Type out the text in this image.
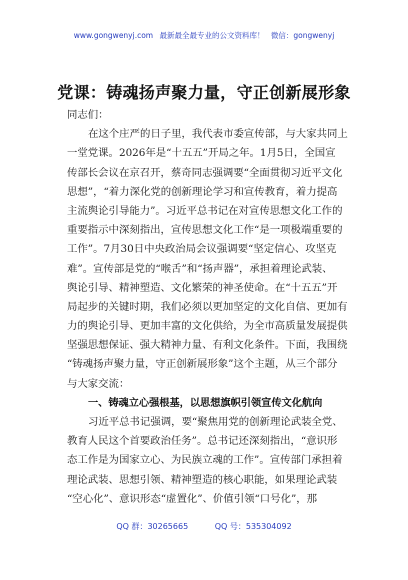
www.gongwenyj.com 最新最全最专业的公文资料库！ 微信：gongwenyj
党课：铸魂扬声聚力量，守正创新展形象
同志们：
在这个庄严的日子里，我代表市委宣传部，与大家共同上
一堂党课。2026年是“十五五”开局之年。1月5日，全国宣
传部长会议在京召开，蔡奇同志强调要“全面贯彻习近平文化
思想”，“着力深化党的创新理论学习和宣传教育，着力提高
主流舆论引导能力”。习近平总书记在对宣传思想文化工作的
重要指示中深刻指出，宣传思想文化工作“是一项极端重要的
工作”。7月30日中央政治局会议强调要“坚定信心、攻坚克
难”。宣传部是党的“喉舌”和“扬声器”，承担着理论武装、
舆论引导、精神塑造、文化繁荣的神圣使命。在“十五五”开
局起步的关键时期，我们必须以更加坚定的文化自信、更加有
力的舆论引导、更加丰富的文化供给，为全市高质量发展提供
坚强思想保证、强大精神力量、有利文化条件。下面，我围绕
“铸魂扬声聚力量，守正创新展形象”这个主题，从三个部分
与大家交流：
一、铸魂立心强根基，以思想旗帜引领宣传文化航向
习近平总书记强调，要“聚焦用党的创新理论武装全党、
教育人民这个首要政治任务”。总书记还深刻指出，“意识形
态工作是为国家立心、为民族立魂的工作”。宣传部门承担着
理论武装、思想引领、精神塑造的核心职能，如果理论武装
“空心化”、意识形态“虚置化”、价值引领“口号化”，那
QQ 群：30265665	QQ 号：535304092
